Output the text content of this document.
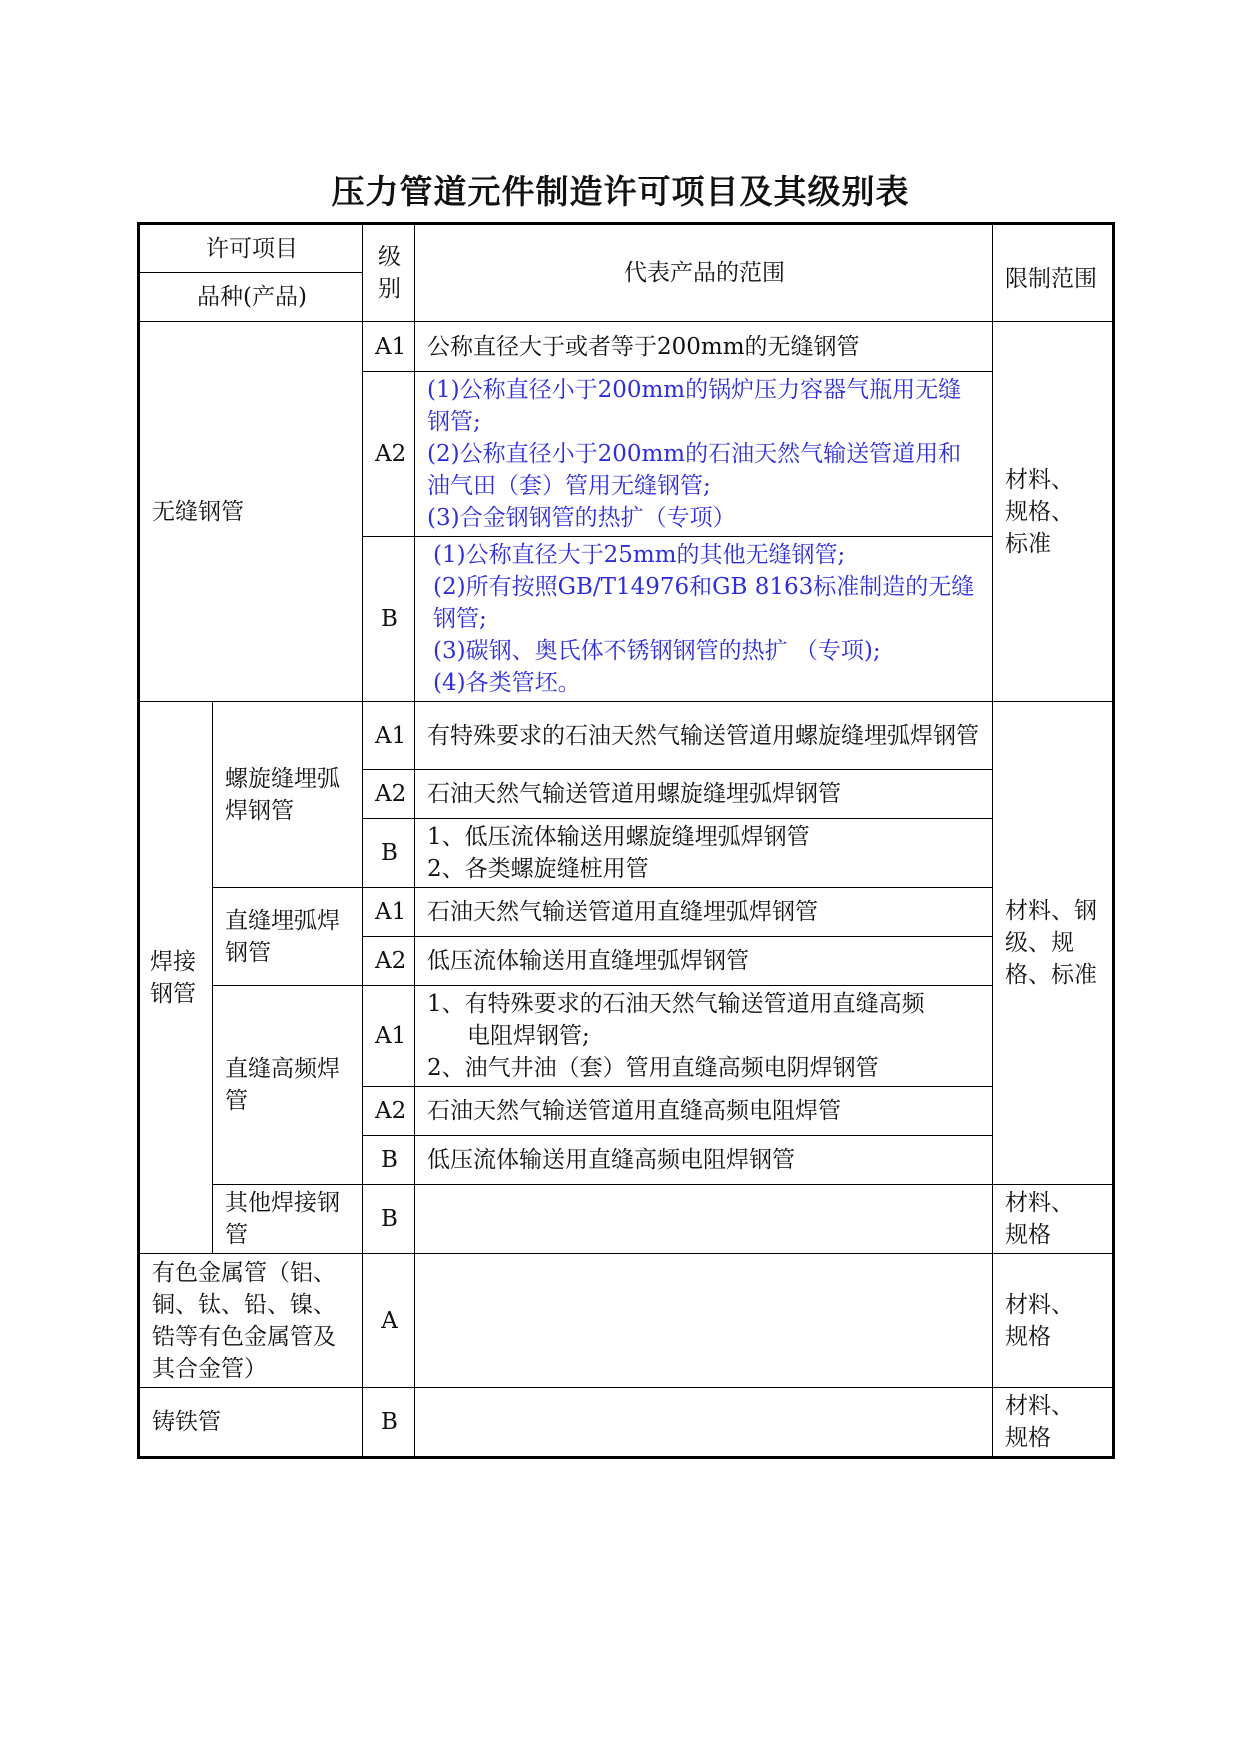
压力管道元件制造许可项目及其级别表
许可项目		级别	代表产品的范围	限制范围
品种(产品)				
无缝钢管		A1	公称直径大于或者等于200mm的无缝钢管	材料、规格、标准
		A2	(1)公称直径小于200mm的锅炉压力容器气瓶用无缝钢管;
(2)公称直径小于200mm的石油天然气输送管道用和油气田（套）管用无缝钢管;
(3)合金钢钢管的热扩（专项）	

		B	(1)公称直径大于25mm的其他无缝钢管;
(2)所有按照GB/T14976和GB 8163标准制造的无缝钢管;
(3)碳钢、奥氏体不锈钢钢管的热扩 （专项);
(4)各类管坯。	

焊接钢管	螺旋缝埋弧焊钢管	A1	有特殊要求的石油天然气输送管道用螺旋缝埋弧焊钢管	材料、钢级、规格、标准
		A2	石油天然气输送管道用螺旋缝埋弧焊钢管	
		B	1、低压流体输送用螺旋缝埋弧焊钢管
2、各类螺旋缝桩用管	

	直缝埋弧焊钢管	A1	石油天然气输送管道用直缝埋弧焊钢管	
		A2	低压流体输送用直缝埋弧焊钢管	
	直缝高频焊管	A1	1、有特殊要求的石油天然气输送管道用直缝高频
电阻焊钢管;
2、油气井油（套）管用直缝高频电阴焊钢管	

		A2	石油天然气输送管道用直缝高频电阻焊管	
		B	低压流体输送用直缝高频电阻焊钢管	
	其他焊接钢管	B		材料、规格
有色金属管（铝、铜、钛、铅、镍、锆等有色金属管及其合金管）		A		材料、规格
铸铁管		B		材料、规格
